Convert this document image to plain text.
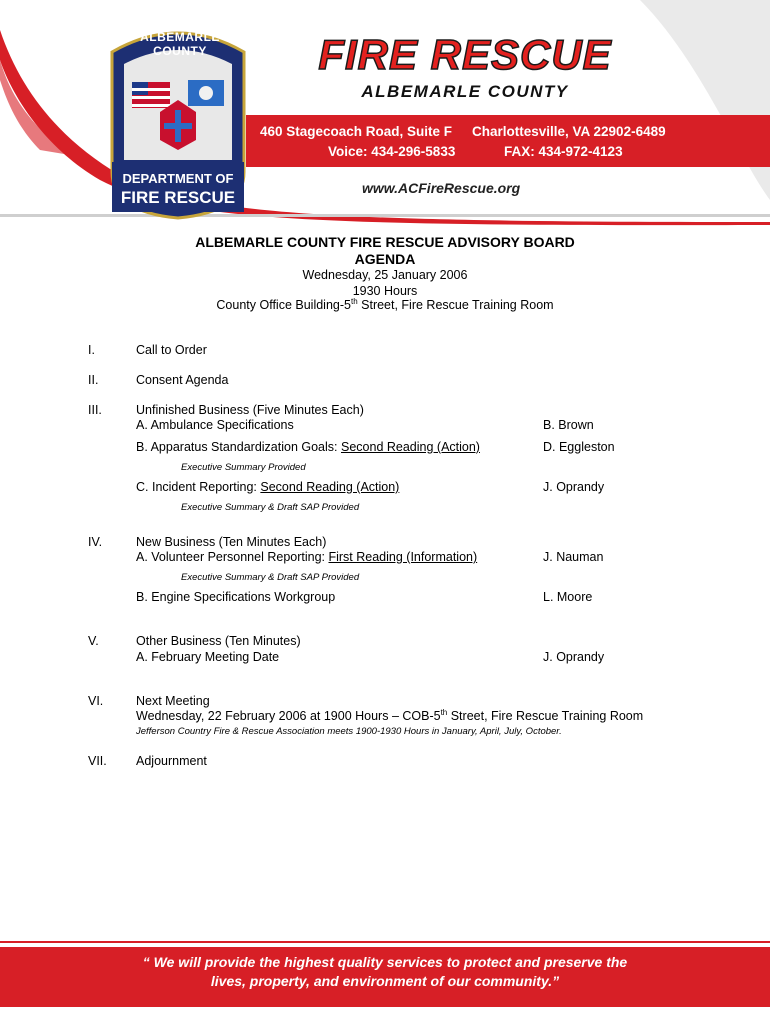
ALBEMARLE COUNTY
DEPARTMENT OF
FIRE RESCUE
FIRE RESCUE
ALBEMARLE COUNTY
460 Stagecoach Road, Suite F Charlottesville, VA 22902-6489
Voice: 434-296-5833	FAX: 434-972-4123
www.ACFireRescue.org
ALBEMARLE COUNTY FIRE RESCUE ADVISORY BOARD
AGENDA
Wednesday, 25 January 2006
1930 Hours
County Office Building-5th Street, Fire Rescue Training Room
I.	Call to Order
II.	Consent Agenda
III.	Unfinished Business (Five Minutes Each)
A. Ambulance Specifications	B. Brown
B. Apparatus Standardization Goals: Second Reading (Action)	D. Eggleston
Executive Summary Provided
C. Incident Reporting: Second Reading (Action)	J. Oprandy
Executive Summary & Draft SAP Provided
IV.	New Business (Ten Minutes Each)
A. Volunteer Personnel Reporting: First Reading (Information)	J. Nauman
Executive Summary & Draft SAP Provided
B. Engine Specifications Workgroup	L. Moore
V.	Other Business (Ten Minutes)
A. February Meeting Date	J. Oprandy
VI.	Next Meeting
Wednesday, 22 February 2006 at 1900 Hours – COB-5th Street, Fire Rescue Training Room
Jefferson Country Fire & Rescue Association meets 1900-1930 Hours in January, April, July, October.
VII. Adjournment
“ We will provide the highest quality services to protect and preserve the
lives, property, and environment of our community.”
